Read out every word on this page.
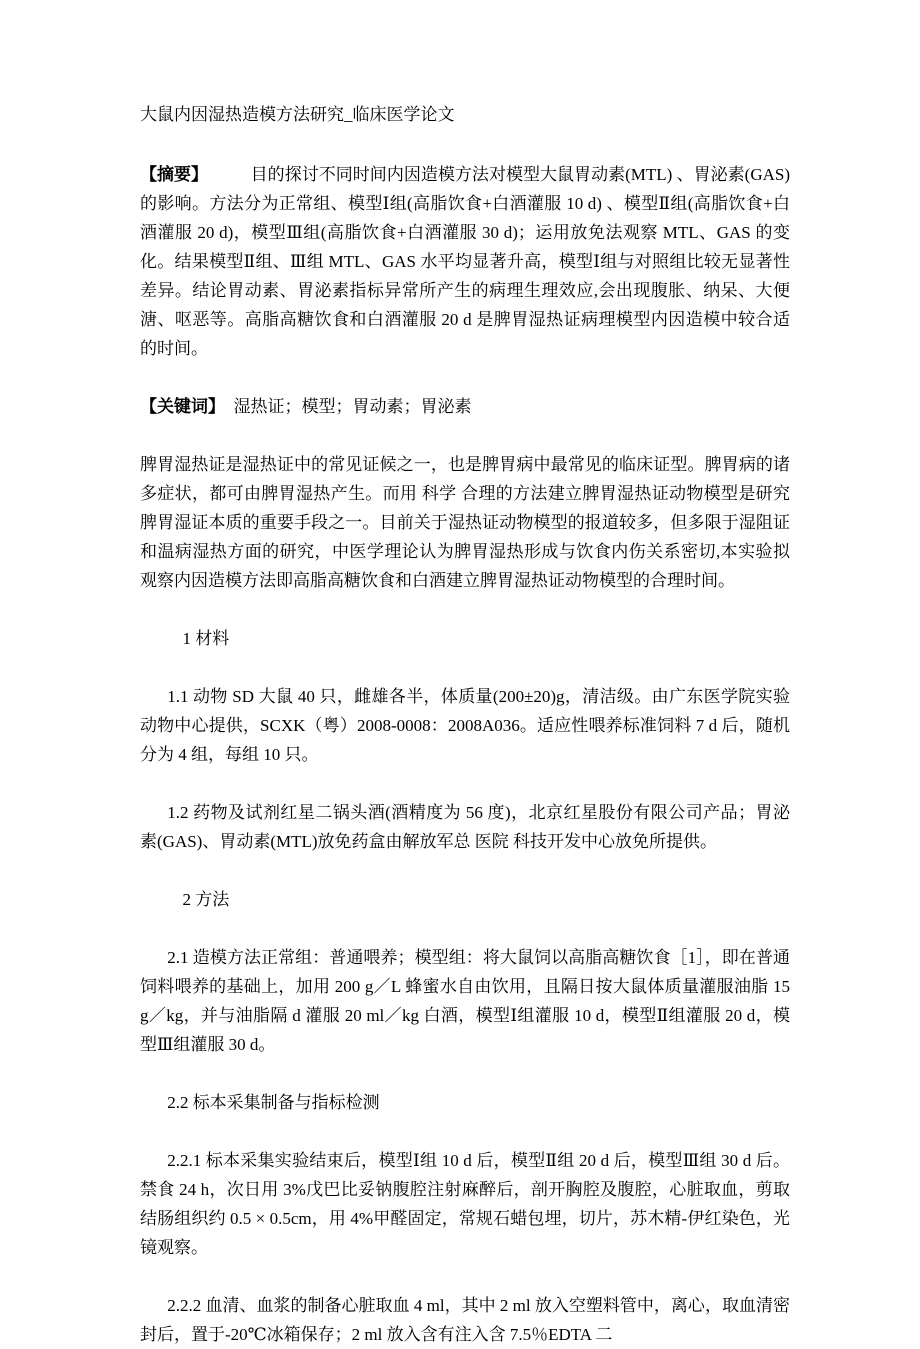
大鼠内因湿热造模方法研究_临床医学论文

【摘要】　　　目的探讨不同时间内因造模方法对模型大鼠胃动素(MTL) 、胃泌素(GAS)的影响。方法分为正常组、模型Ⅰ组(高脂饮食+白酒灌服 10 d) 、模型Ⅱ组(高脂饮食+白酒灌服 20 d)，模型Ⅲ组(高脂饮食+白酒灌服 30 d)；运用放免法观察 MTL、GAS 的变化。结果模型Ⅱ组、Ⅲ组 MTL、GAS 水平均显著升高，模型Ⅰ组与对照组比较无显著性差异。结论胃动素、胃泌素指标异常所产生的病理生理效应,会出现腹胀、纳呆、大便溏、呕恶等。高脂高糖饮食和白酒灌服 20 d 是脾胃湿热证病理模型内因造模中较合适的时间。

【关键词】　湿热证；模型；胃动素；胃泌素

脾胃湿热证是湿热证中的常见证候之一，也是脾胃病中最常见的临床证型。脾胃病的诸多症状，都可由脾胃湿热产生。而用 科学 合理的方法建立脾胃湿热证动物模型是研究脾胃湿证本质的重要手段之一。目前关于湿热证动物模型的报道较多，但多限于湿阻证和温病湿热方面的研究，中医学理论认为脾胃湿热形成与饮食内伤关系密切,本实验拟观察内因造模方法即高脂高糖饮食和白酒建立脾胃湿热证动物模型的合理时间。

1 材料

1.1 动物 SD 大鼠 40 只，雌雄各半，体质量(200±20)g，清洁级。由广东医学院实验动物中心提供，SCXK（粤）2008-0008：2008A036。适应性喂养标准饲料 7 d 后，随机分为 4 组，每组 10 只。

1.2 药物及试剂红星二锅头酒(酒精度为 56 度)，北京红星股份有限公司产品；胃泌素(GAS)、胃动素(MTL)放免药盒由解放军总 医院 科技开发中心放免所提供。

2 方法

2.1 造模方法正常组：普通喂养；模型组：将大鼠饲以高脂高糖饮食［1］，即在普通饲料喂养的基础上，加用 200 g／L 蜂蜜水自由饮用，且隔日按大鼠体质量灌服油脂 15 g／kg，并与油脂隔 d 灌服 20 ml／kg 白酒，模型Ⅰ组灌服 10 d，模型Ⅱ组灌服 20 d，模型Ⅲ组灌服 30 d。

2.2 标本采集制备与指标检测

2.2.1 标本采集实验结束后，模型Ⅰ组 10 d 后，模型Ⅱ组 20 d 后，模型Ⅲ组 30 d 后。禁食 24 h，次日用 3%戊巴比妥钠腹腔注射麻醉后，剖开胸腔及腹腔，心脏取血，剪取结肠组织约 0.5 × 0.5cm，用 4%甲醛固定，常规石蜡包埋，切片，苏木精-伊红染色，光镜观察。

2.2.2 血清、血浆的制备心脏取血 4 ml，其中 2 ml 放入空塑料管中，离心，取血清密封后，置于-20℃冰箱保存；2 ml 放入含有注入含 7.5％EDTA 二
